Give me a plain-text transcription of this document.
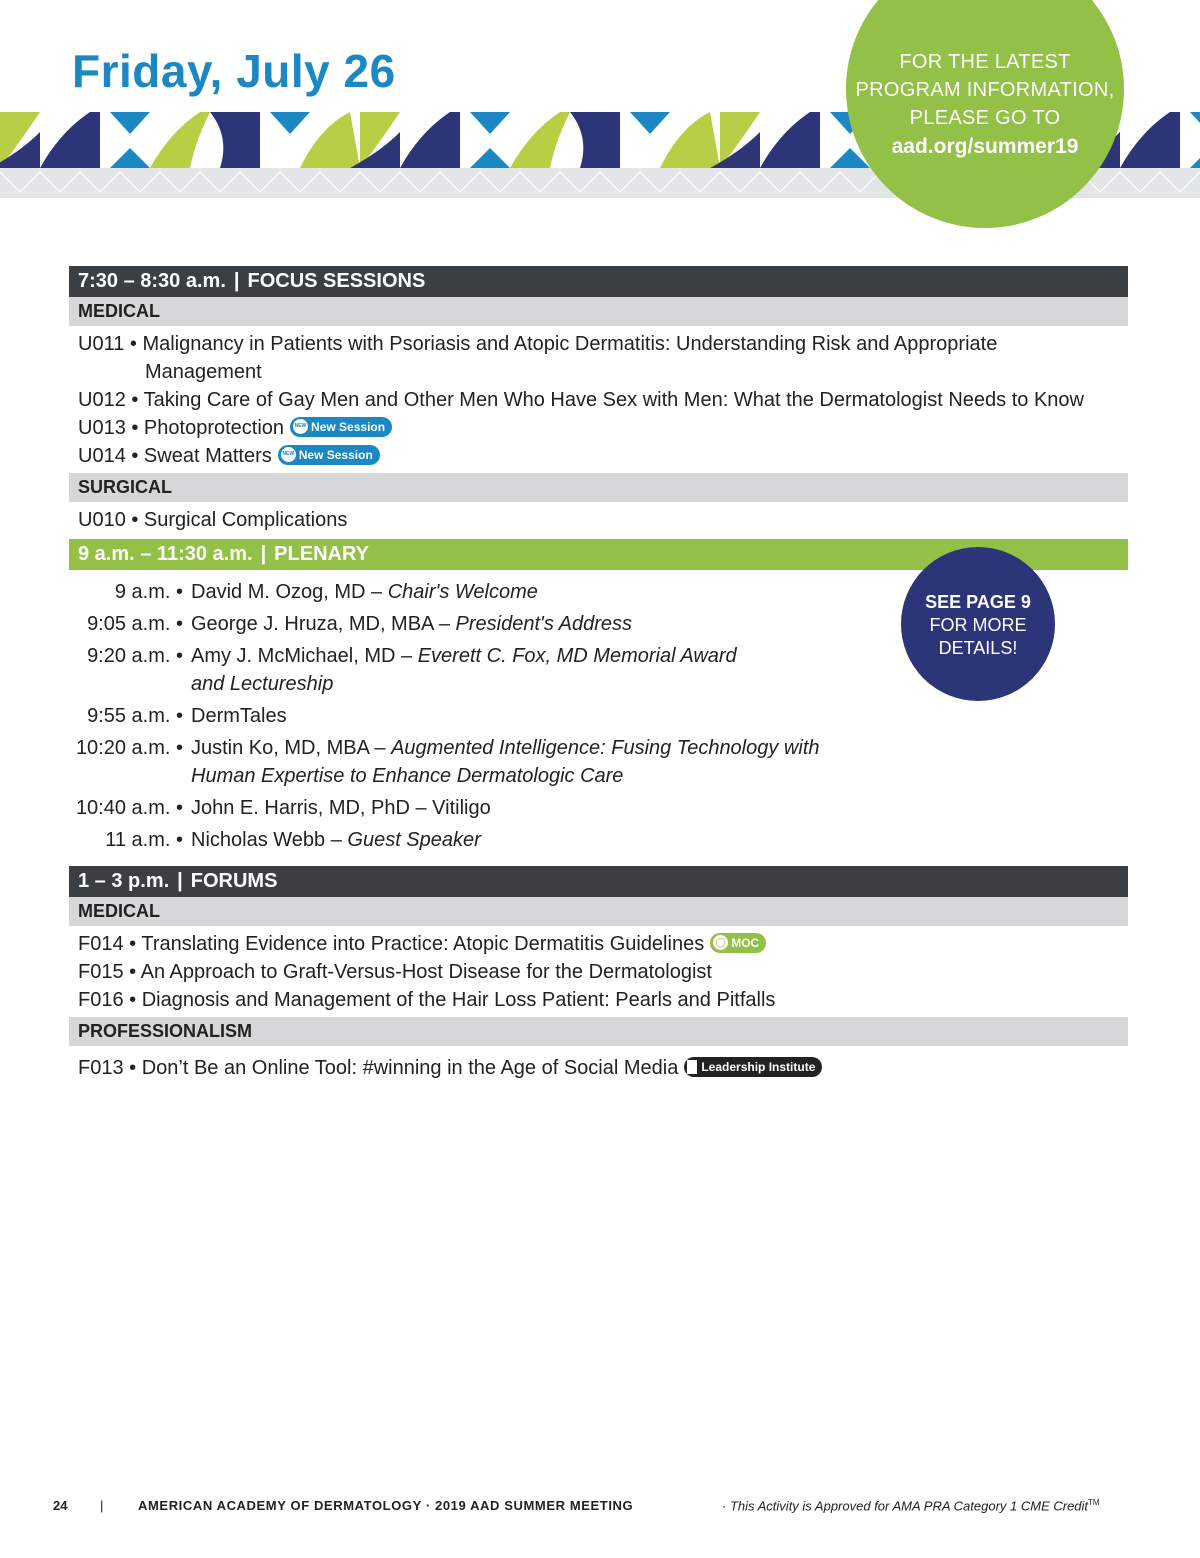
Friday, July 26	FOR THE LATEST
PROGRAM INFORMATION,
PLEASE GO TO
aad.org/summer19
7:30 – 8:30 a.m. | FOCUS SESSIONS
MEDICAL
U011 • Malignancy in Patients with Psoriasis and Atopic Dermatitis: Understanding Risk and Appropriate
Management
U012 • Taking Care of Gay Men and Other Men Who Have Sex with Men: What the Dermatologist Needs to Know
U013 • Photoprotection NEW New Session
U014 • Sweat Matters NEW New Session
SURGICAL
U010 • Surgical Complications
9 a.m. – 11:30 a.m. | PLENARY
9 a.m. • David M. Ozog, MD – Chair's Welcome
9:05 a.m. • George J. Hruza, MD, MBA – President's Address
9:20 a.m. • Amy J. McMichael, MD – Everett C. Fox, MD Memorial Award and Lectureship
9:55 a.m. • DermTales
10:20 a.m. • Justin Ko, MD, MBA – Augmented Intelligence: Fusing Technology with Human Expertise to Enhance Dermatologic Care
10:40 a.m. • John E. Harris, MD, PhD – Vitiligo
11 a.m. • Nicholas Webb – Guest Speaker
1 – 3 p.m. | FORUMS
MEDICAL
F014 • Translating Evidence into Practice: Atopic Dermatitis Guidelines ◯ MOC
F015 • An Approach to Graft-Versus-Host Disease for the Dermatologist
F016 • Diagnosis and Management of the Hair Loss Patient: Pearls and Pitfalls
PROFESSIONALISM
F013 • Don’t Be an Online Tool: #winning in the Age of Social Media Leadership Institute
SEE PAGE 9
FOR MORE
DETAILS!
24	|	AMERICAN ACADEMY OF DERMATOLOGY · 2019 AAD SUMMER MEETING	· This Activity is Approved for AMA PRA Category 1 CME Credit™
